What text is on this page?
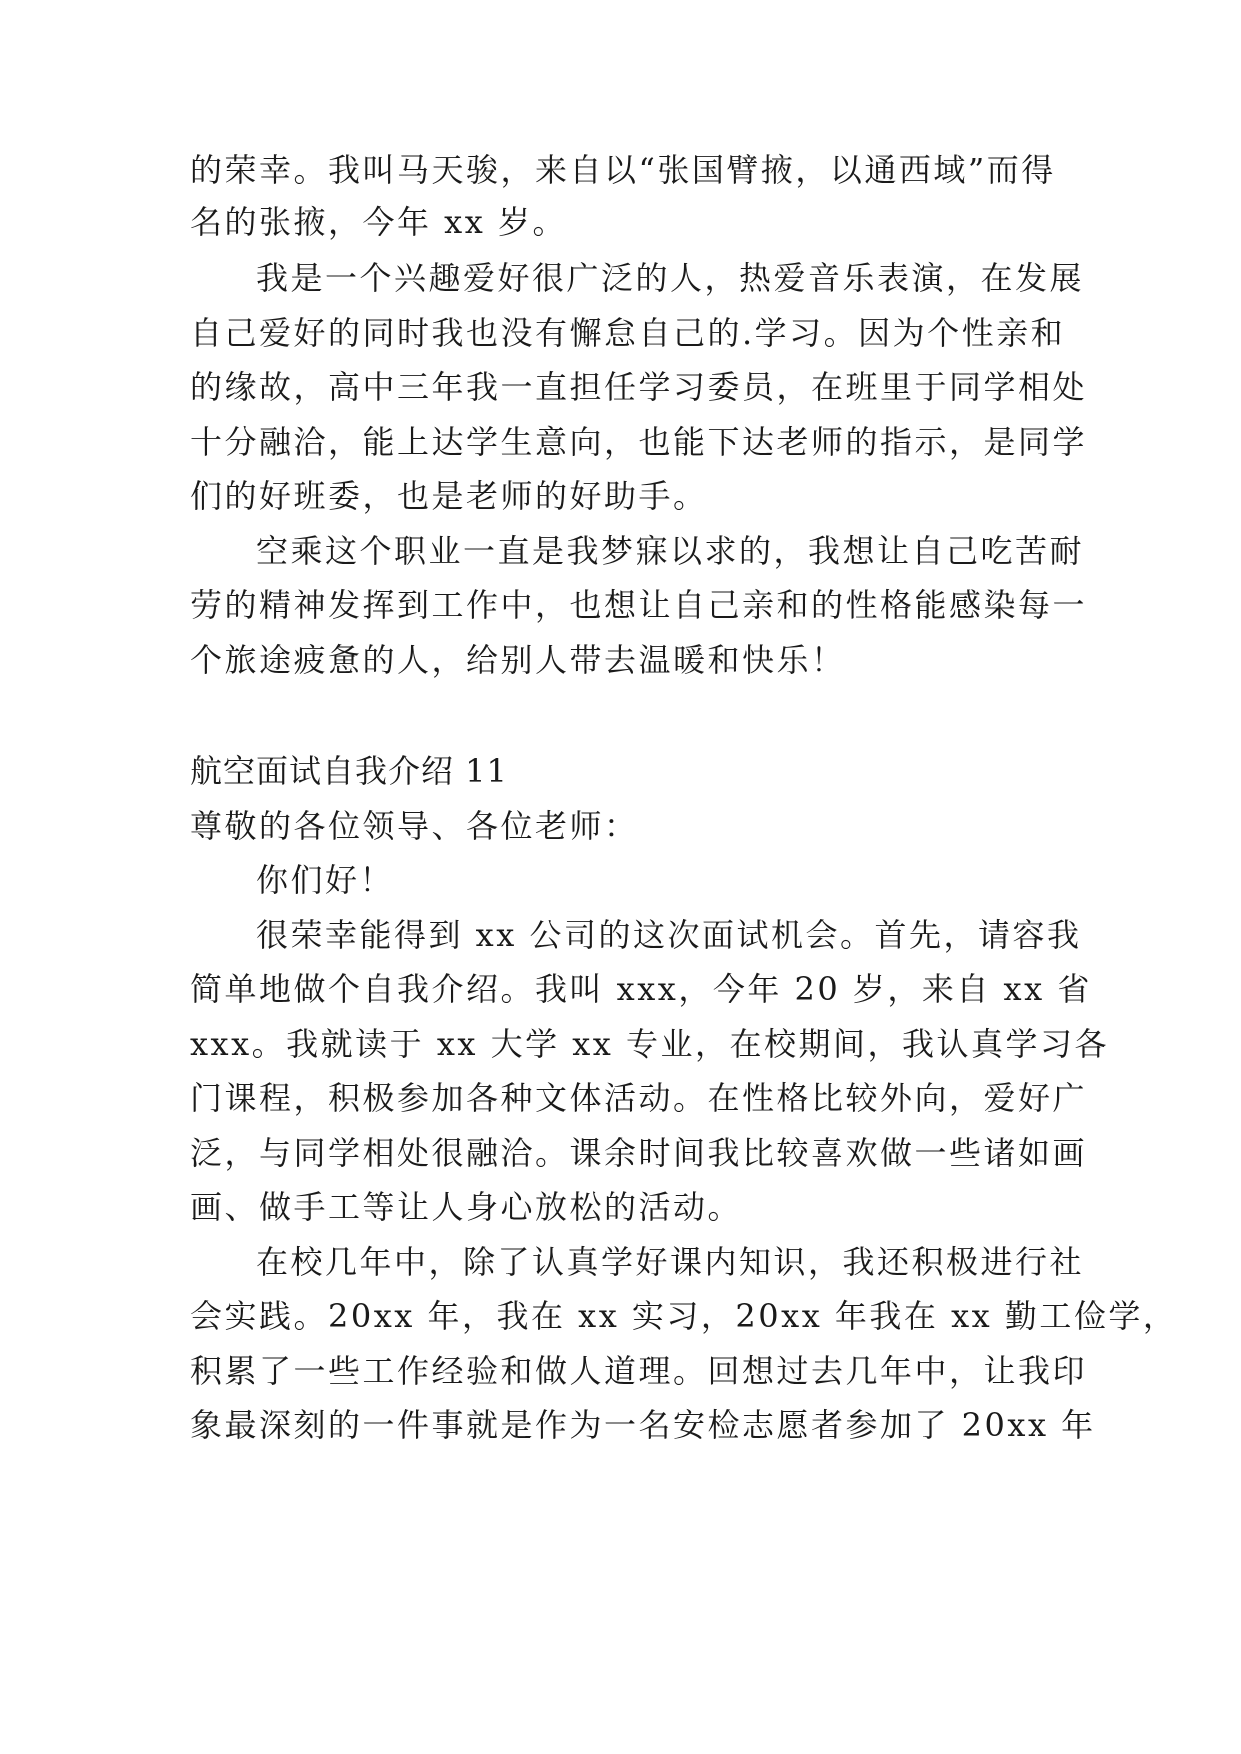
的荣幸。我叫马天骏，来自以“张国臂掖，以通西域”而得
名的张掖，今年 xx 岁。
我是一个兴趣爱好很广泛的人，热爱音乐表演，在发展
自己爱好的同时我也没有懈怠自己的.学习。因为个性亲和
的缘故，高中三年我一直担任学习委员，在班里于同学相处
十分融洽，能上达学生意向，也能下达老师的指示，是同学
们的好班委，也是老师的好助手。
空乘这个职业一直是我梦寐以求的，我想让自己吃苦耐
劳的精神发挥到工作中，也想让自己亲和的性格能感染每一
个旅途疲惫的人，给别人带去温暖和快乐！
航空面试自我介绍 11
尊敬的各位领导、各位老师：
你们好！
很荣幸能得到 xx 公司的这次面试机会。首先，请容我
简单地做个自我介绍。我叫 xxx，今年 20 岁，来自 xx 省
xxx。我就读于 xx 大学 xx 专业，在校期间，我认真学习各
门课程，积极参加各种文体活动。在性格比较外向，爱好广
泛，与同学相处很融洽。课余时间我比较喜欢做一些诸如画
画、做手工等让人身心放松的活动。
在校几年中，除了认真学好课内知识，我还积极进行社
会实践。20xx 年，我在 xx 实习，20xx 年我在 xx 勤工俭学，
积累了一些工作经验和做人道理。回想过去几年中，让我印
象最深刻的一件事就是作为一名安检志愿者参加了 20xx 年
